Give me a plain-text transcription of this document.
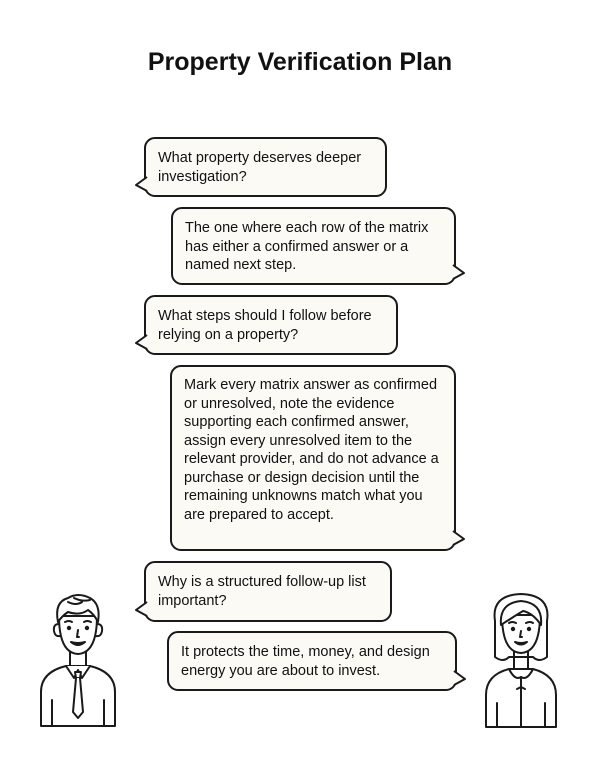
Property Verification Plan
What property deserves deeper investigation?
The one where each row of the matrix has either a confirmed answer or a named next step.
What steps should I follow before relying on a property?
Mark every matrix answer as confirmed or unresolved, note the evidence supporting each confirmed answer, assign every unresolved item to the relevant provider, and do not advance a purchase or design decision until the remaining unknowns match what you are prepared to accept.
Why is a structured follow-up list important?
It protects the time, money, and design energy you are about to invest.
